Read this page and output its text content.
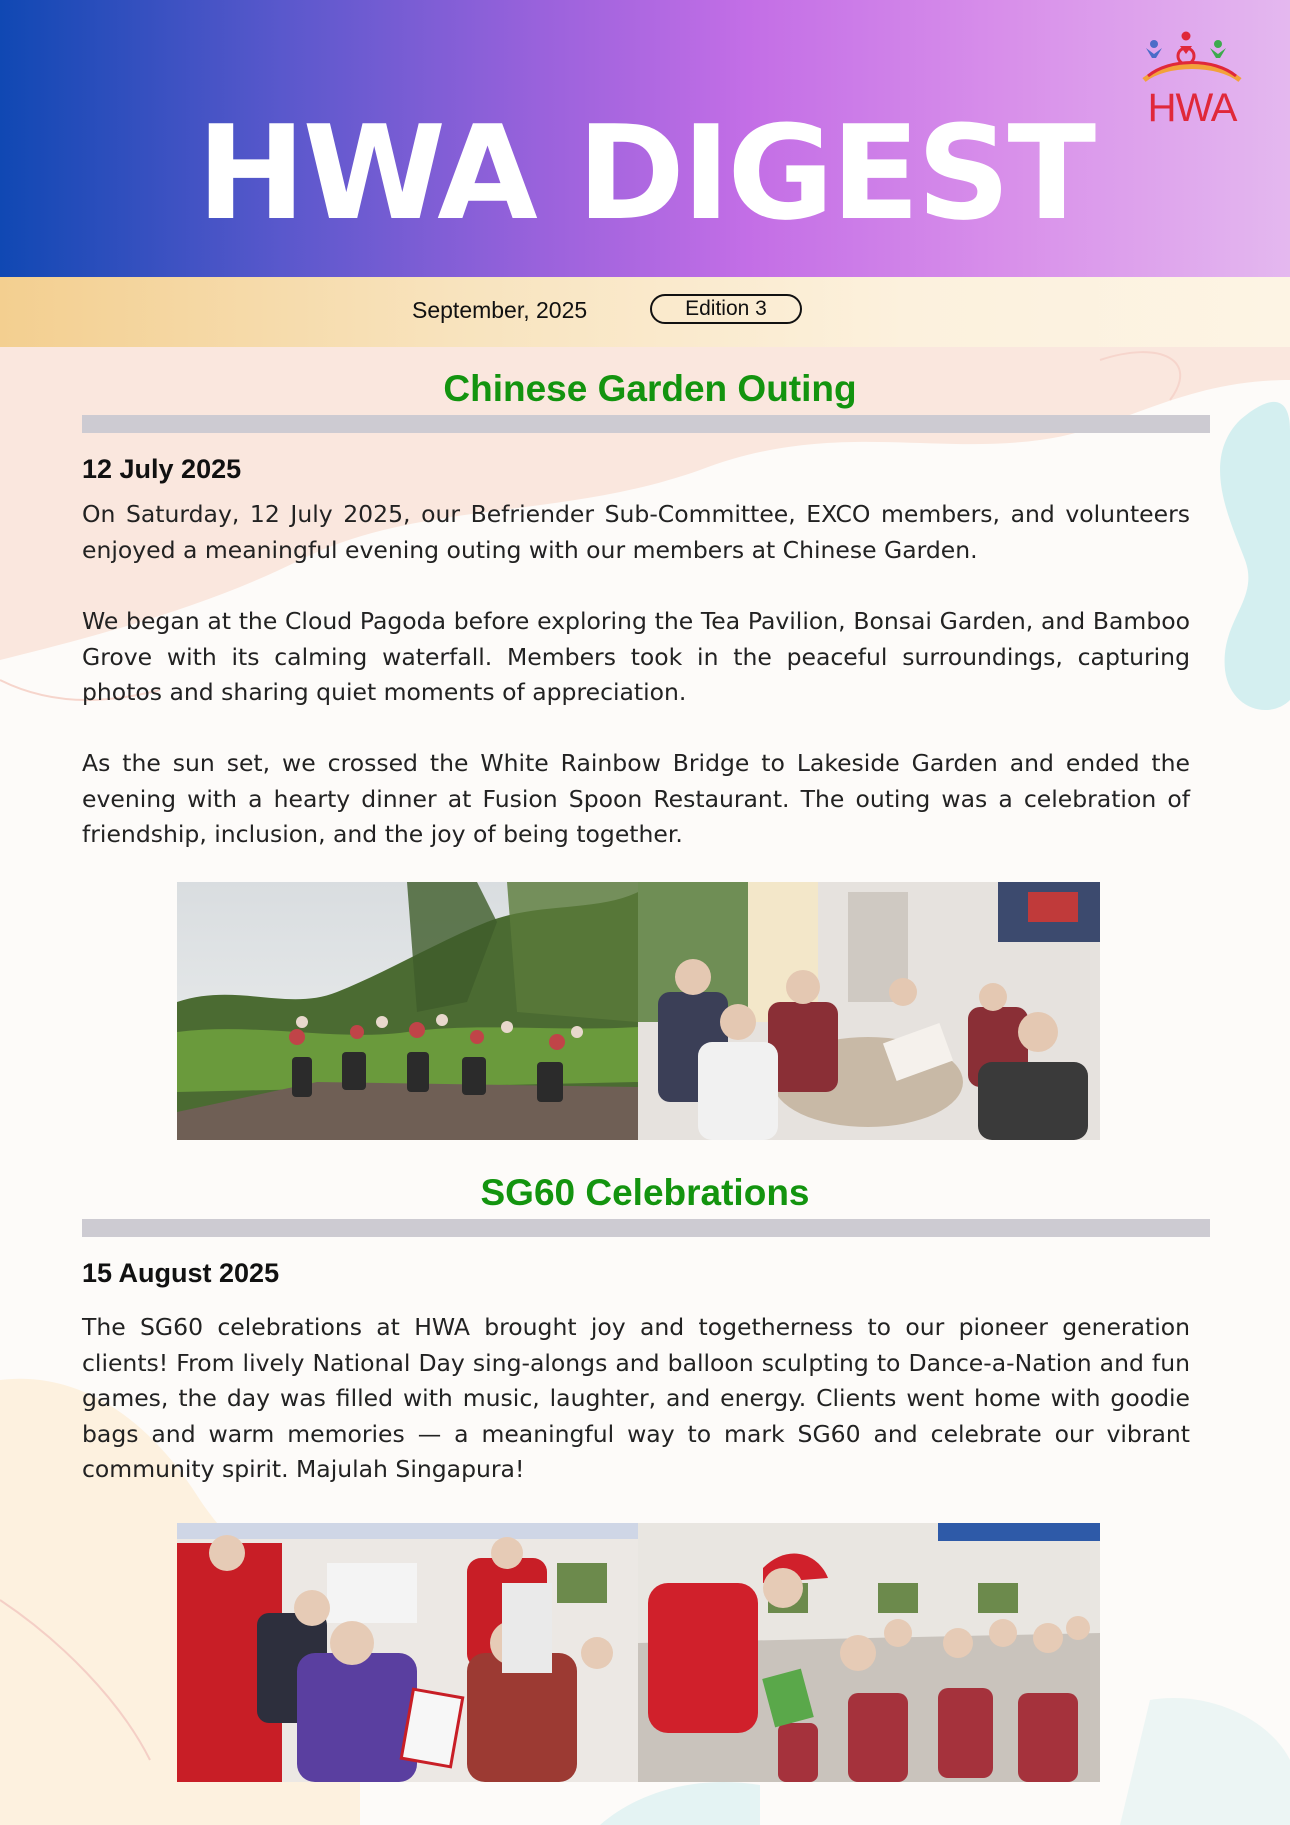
HWA DIGEST	HWA
September, 2025	Edition 3
Chinese Garden Outing
12 July 2025

On Saturday, 12 July 2025, our Befriender Sub-Committee, EXCO members, and volunteers enjoyed a meaningful evening outing with our members at Chinese Garden.

We began at the Cloud Pagoda before exploring the Tea Pavilion, Bonsai Garden, and Bamboo Grove with its calming waterfall. Members took in the peaceful surroundings, capturing photos and sharing quiet moments of appreciation.

As the sun set, we crossed the White Rainbow Bridge to Lakeside Garden and ended the evening with a hearty dinner at Fusion Spoon Restaurant. The outing was a celebration of friendship, inclusion, and the joy of being together.

SG60 Celebrations
15 August 2025

The SG60 celebrations at HWA brought joy and togetherness to our pioneer generation clients! From lively National Day sing-alongs and balloon sculpting to Dance-a-Nation and fun games, the day was filled with music, laughter, and energy. Clients went home with goodie bags and warm memories — a meaningful way to mark SG60 and celebrate our vibrant community spirit. Majulah Singapura!
